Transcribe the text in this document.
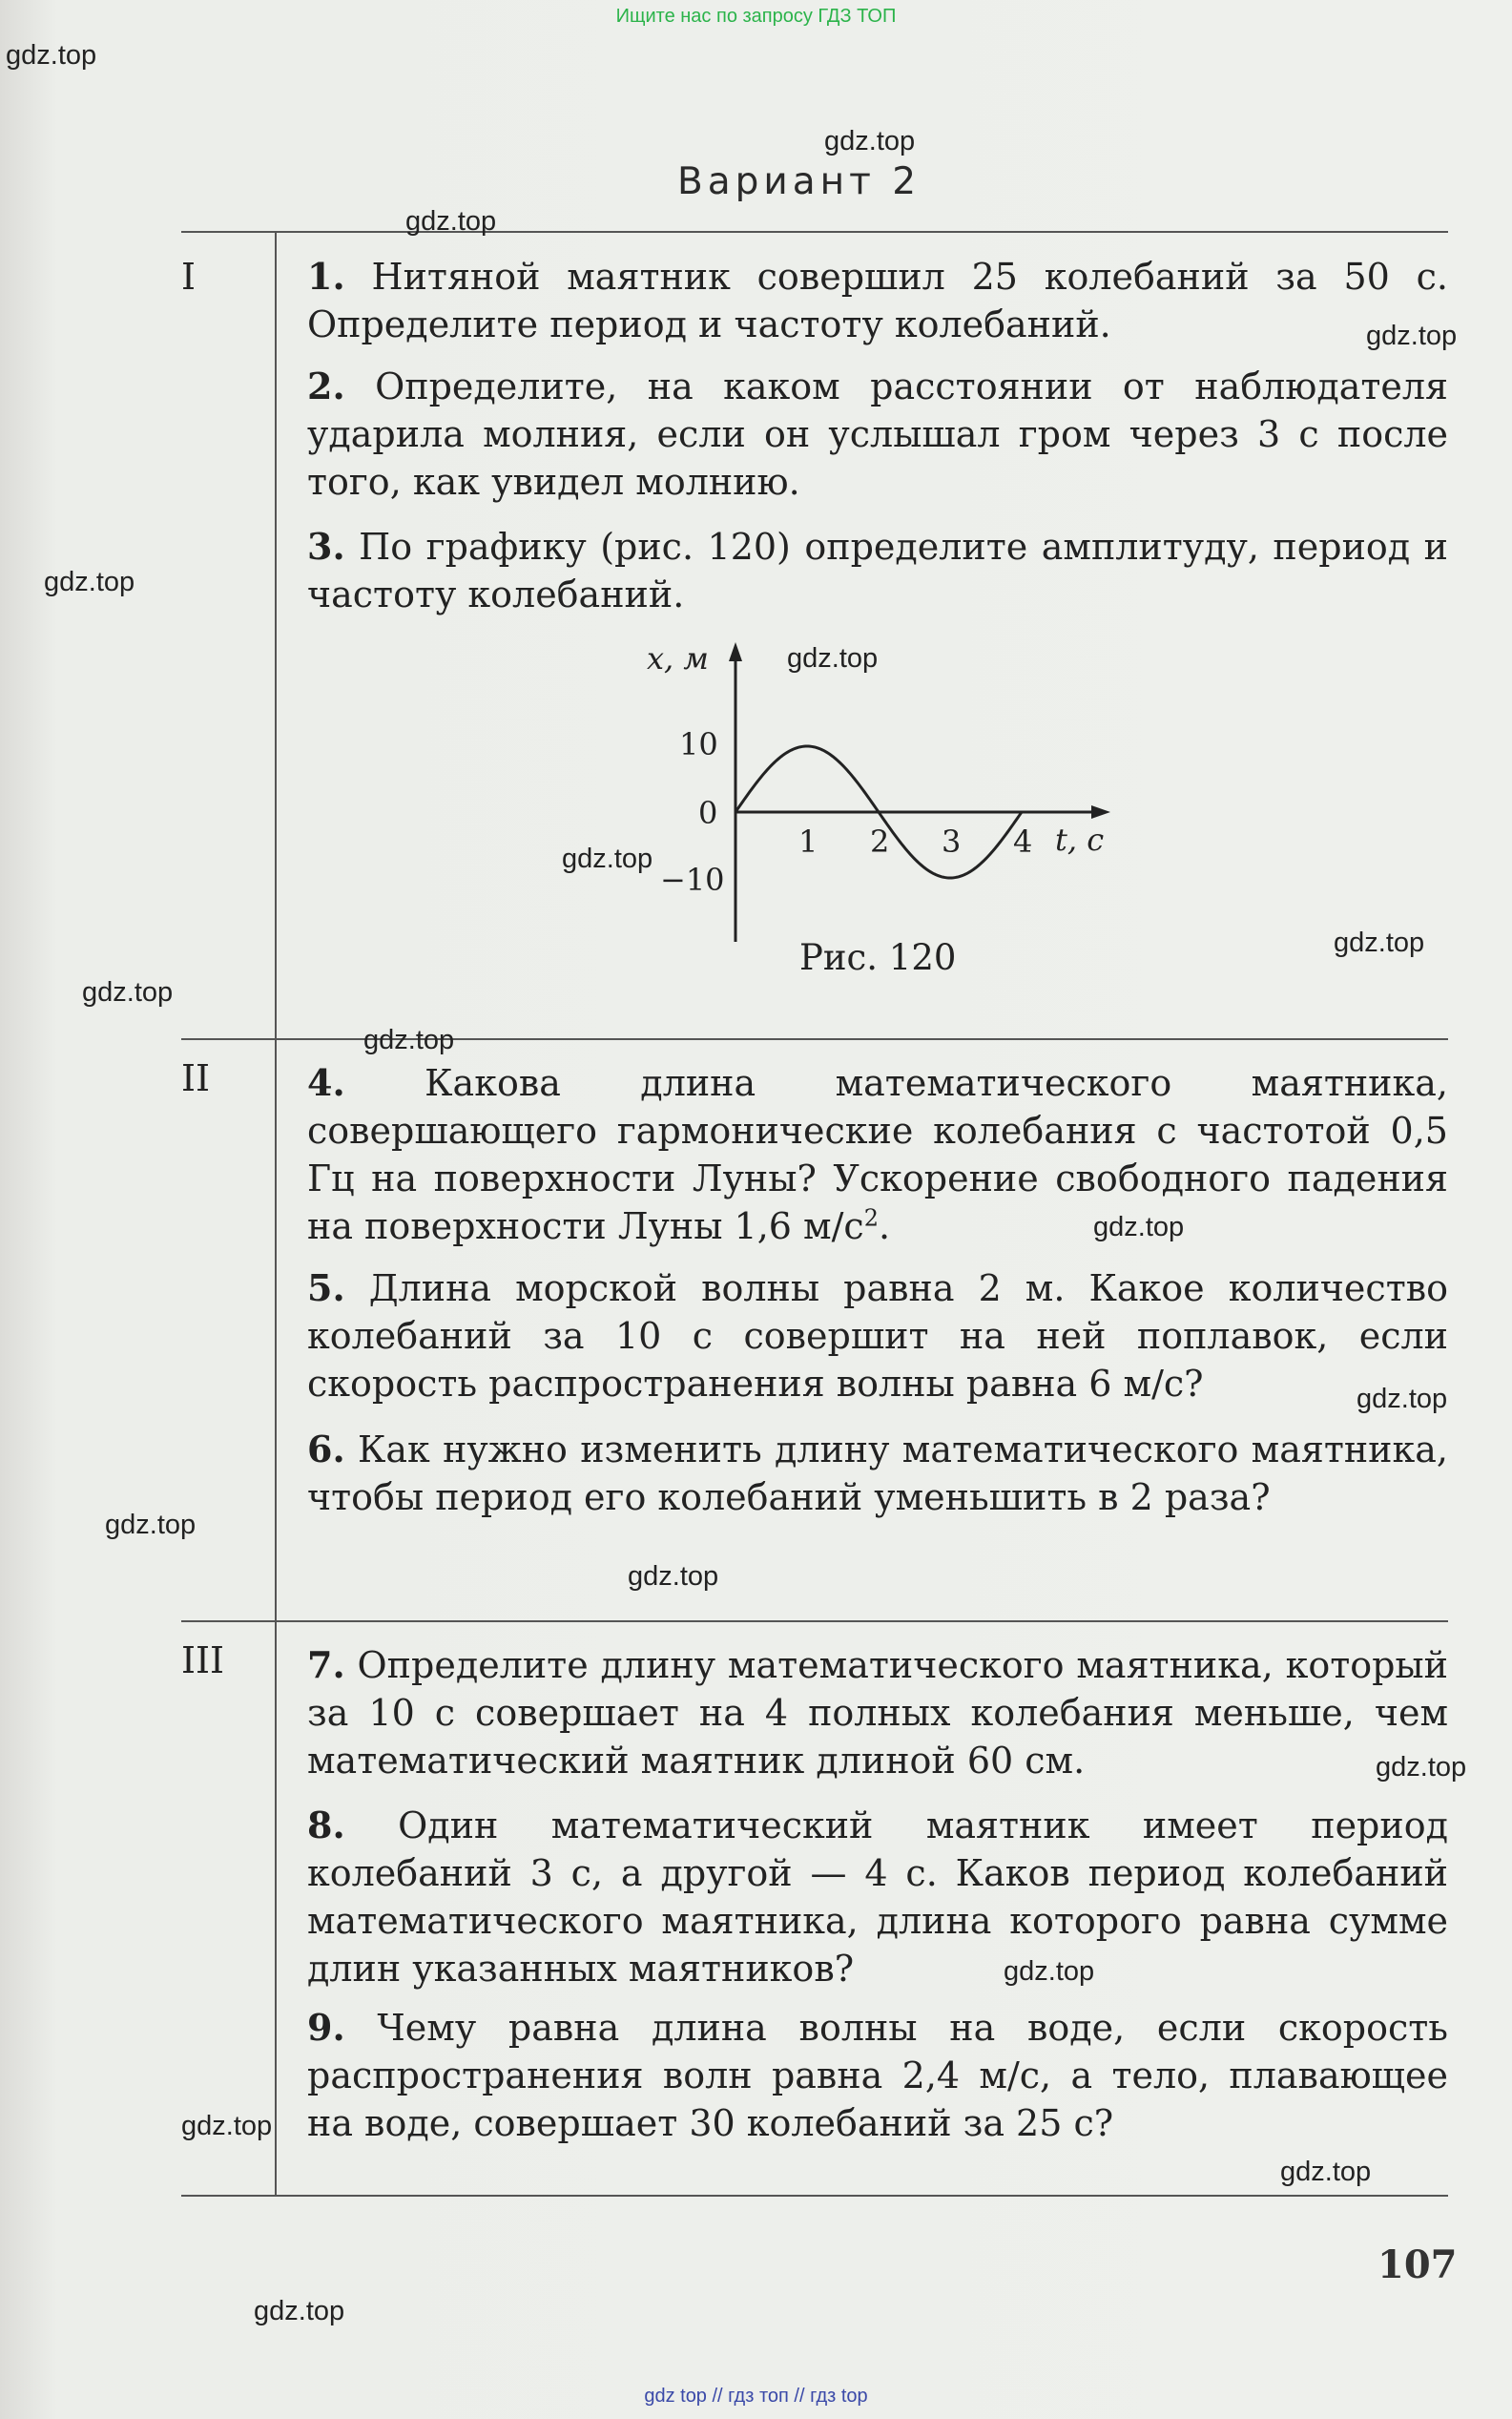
Ищите нас по запросу ГДЗ ТОП
Вариант 2
I
II
III
1. Нитяной маятник совершил 25 колебаний за 50 с. Определите период и частоту колебаний.
2. Определите, на каком расстоянии от наблюдателя ударила молния, если он услышал гром через 3 с после того, как увидел молнию.
3. По графику (рис. 120) определите амплитуду, период и частоту колебаний.
x, м
t, с
10
0
−10
1 2 3 4
Рис. 120
4. Какова длина математического маятника, совершающего гармонические колебания с частотой 0,5 Гц на поверхности Луны? Ускорение свободного падения на поверхности Луны 1,6 $м/с^2$.
5. Длина морской волны равна 2 м. Какое количество колебаний за 10 с совершит на ней поплавок, если скорость распространения волны равна 6 м/с?
6. Как нужно изменить длину математического маятника, чтобы период его колебаний уменьшить в 2 раза?
7. Определите длину математического маятника, который за 10 с совершает на 4 полных колебания меньше, чем математический маятник длиной 60 см.
8. Один математический маятник имеет период колебаний 3 с, а другой — 4 с. Каков период колебаний математического маятника, длина которого равна сумме длин указанных маятников?
9. Чему равна длина волны на воде, если скорость распространения волн равна 2,4 м/с, а тело, плавающее на воде, совершает 30 колебаний за 25 с?
107
gdz.top
gdz.top
gdz.top
gdz.top
gdz.top
gdz.top
gdz.top
gdz.top
gdz.top
gdz.top
gdz.top
gdz.top
gdz.top
gdz.top
gdz.top
gdz.top
gdz.top
gdz.top
gdz.top
gdz top // гдз топ // гдз top
